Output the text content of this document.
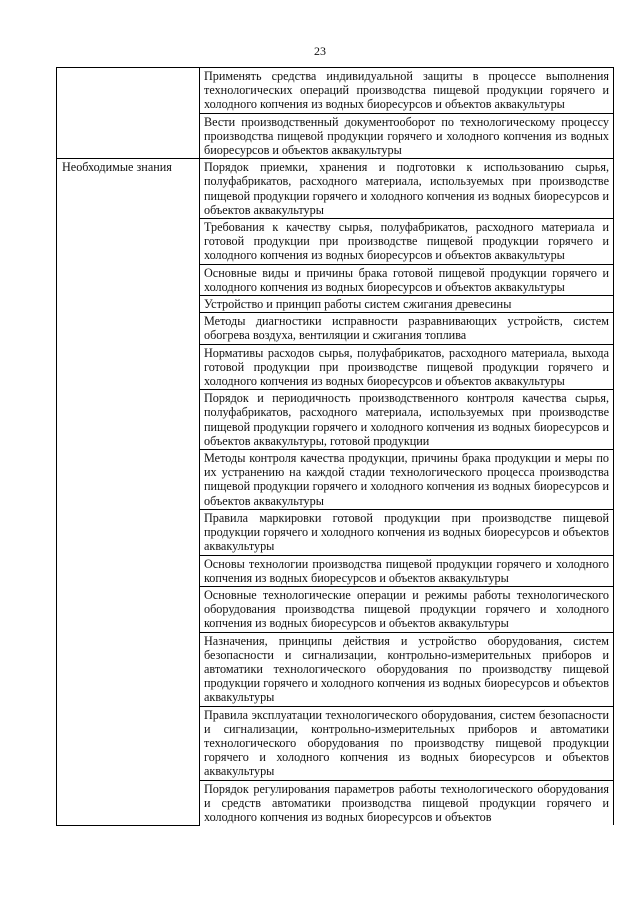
23
	Применять средства индивидуальной защиты в процессе выполнения технологических операций производства пищевой продукции горячего и холодного копчения из водных биоресурсов и объектов аквакультуры
	Вести производственный документооборот по технологическому процессу производства пищевой продукции горячего и холодного копчения из водных биоресурсов и объектов аквакультуры
Необходимые знания	Порядок приемки, хранения и подготовки к использованию сырья, полуфабрикатов, расходного материала, используемых при производстве пищевой продукции горячего и холодного копчения из водных биоресурсов и объектов аквакультуры
	Требования к качеству сырья, полуфабрикатов, расходного материала и готовой продукции при производстве пищевой продукции горячего и холодного копчения из водных биоресурсов и объектов аквакультуры
	Основные виды и причины брака готовой пищевой продукции горячего и холодного копчения из водных биоресурсов и объектов аквакультуры
	Устройство и принцип работы систем сжигания древесины
	Методы диагностики исправности разравнивающих устройств, систем обогрева воздуха, вентиляции и сжигания топлива
	Нормативы расходов сырья, полуфабрикатов, расходного материала, выхода готовой продукции при производстве пищевой продукции горячего и холодного копчения из водных биоресурсов и объектов аквакультуры
	Порядок и периодичность производственного контроля качества сырья, полуфабрикатов, расходного материала, используемых при производстве пищевой продукции горячего и холодного копчения из водных биоресурсов и объектов аквакультуры, готовой продукции
	Методы контроля качества продукции, причины брака продукции и меры по их устранению на каждой стадии технологического процесса производства пищевой продукции горячего и холодного копчения из водных биоресурсов и объектов аквакультуры
	Правила маркировки готовой продукции при производстве пищевой продукции горячего и холодного копчения из водных биоресурсов и объектов аквакультуры
	Основы технологии производства пищевой продукции горячего и холодного копчения из водных биоресурсов и объектов аквакультуры
	Основные технологические операции и режимы работы технологического оборудования производства пищевой продукции горячего и холодного копчения из водных биоресурсов и объектов аквакультуры
	Назначения, принципы действия и устройство оборудования, систем безопасности и сигнализации, контрольно-измерительных приборов и автоматики технологического оборудования по производству пищевой продукции горячего и холодного копчения из водных биоресурсов и объектов аквакультуры
	Правила эксплуатации технологического оборудования, систем безопасности и сигнализации, контрольно-измерительных приборов и автоматики технологического оборудования по производству пищевой продукции горячего и холодного копчения из водных биоресурсов и объектов аквакультуры
	Порядок регулирования параметров работы технологического оборудования и средств автоматики производства пищевой продукции горячего и холодного копчения из водных биоресурсов и объектов
